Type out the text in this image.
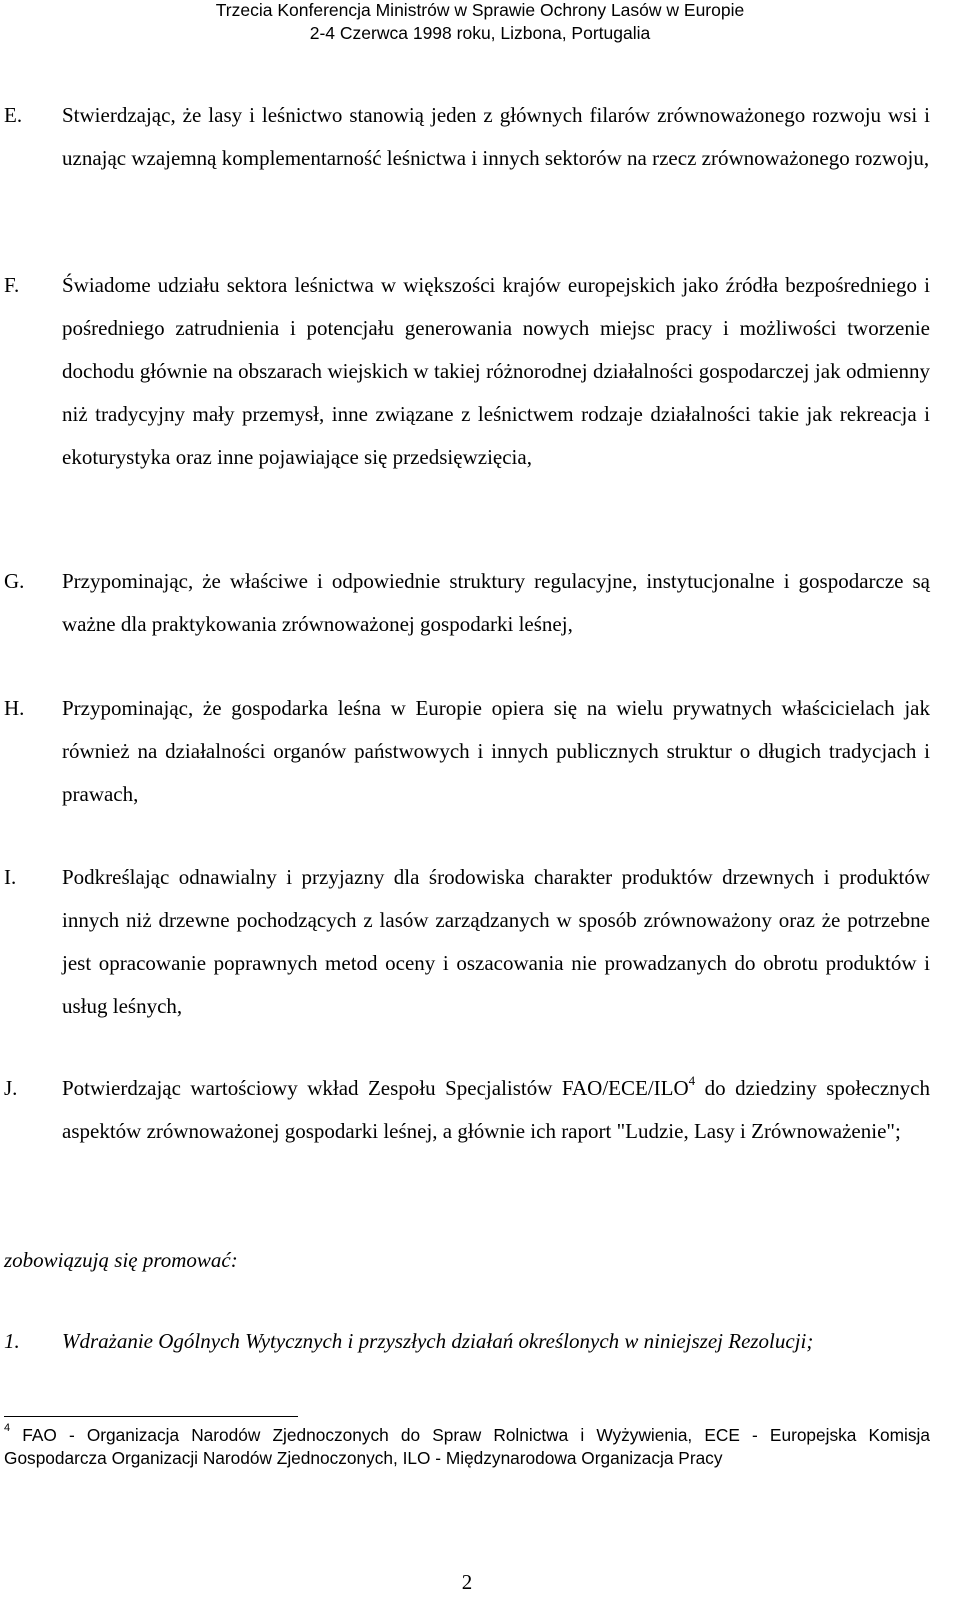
Trzecia Konferencja Ministrów w Sprawie Ochrony Lasów w Europie
2-4 Czerwca 1998 roku, Lizbona, Portugalia
E. Stwierdzając, że lasy i leśnictwo stanowią jeden z głównych filarów zrównoważonego rozwoju wsi i uznając wzajemną komplementarność leśnictwa i innych sektorów na rzecz zrównoważonego rozwoju,
F. Świadome udziału sektora leśnictwa w większości krajów europejskich jako źródła bezpośredniego i pośredniego zatrudnienia i potencjału generowania nowych miejsc pracy i możliwości tworzenie dochodu głównie na obszarach wiejskich w takiej różnorodnej działalności gospodarczej jak odmienny niż tradycyjny mały przemysł, inne związane z leśnictwem rodzaje działalności takie jak rekreacja i ekoturystyka oraz inne pojawiające się przedsięwzięcia,
G. Przypominając, że właściwe i odpowiednie struktury regulacyjne, instytucjonalne i gospodarcze są ważne dla praktykowania zrównoważonej gospodarki leśnej,
H. Przypominając, że gospodarka leśna w Europie opiera się na wielu prywatnych właścicielach jak również na działalności organów państwowych i innych publicznych struktur o długich tradycjach i prawach,
I. Podkreślając odnawialny i przyjazny dla środowiska charakter produktów drzewnych i produktów innych niż drzewne pochodzących z lasów zarządzanych w sposób zrównoważony oraz że potrzebne jest opracowanie poprawnych metod oceny i oszacowania nie prowadzanych do obrotu produktów i usług leśnych,
J. Potwierdzając wartościowy wkład Zespołu Specjalistów FAO/ECE/ILO$^4$ do dziedziny społecznych aspektów zrównoważonej gospodarki leśnej, a głównie ich raport "Ludzie, Lasy i Zrównoważenie";
zobowiązują się promować:
1. Wdrażanie Ogólnych Wytycznych i przyszłych działań określonych w niniejszej Rezolucji;
$^4$ FAO - Organizacja Narodów Zjednoczonych do Spraw Rolnictwa i Wyżywienia, ECE - Europejska Komisja Gospodarcza Organizacji Narodów Zjednoczonych, ILO - Międzynarodowa Organizacja Pracy
2
